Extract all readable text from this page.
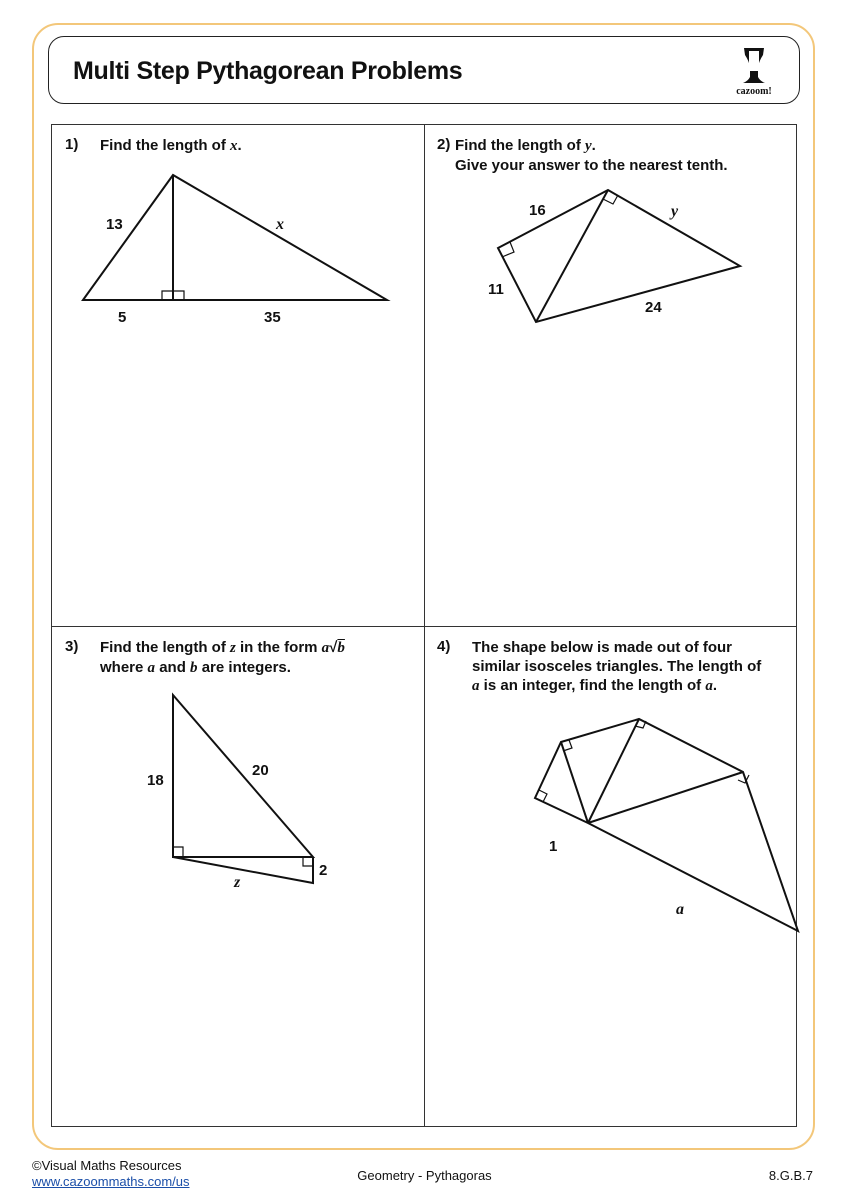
Multi Step Pythagorean Problems
cazoom!
1) Find the length of x.
13	x
5	35
2) Find the length of y.
Give your answer to the nearest tenth.
16	y
11
24
3) Find the length of z in the form a√b
where a and b are integers.
18
20
2
z
4) The shape below is made out of four
similar isosceles triangles. The length of
a is an integer, find the length of a.
1
a
©Visual Maths Resources
www.cazoommaths.com/us	Geometry - Pythagoras	8.G.B.7
